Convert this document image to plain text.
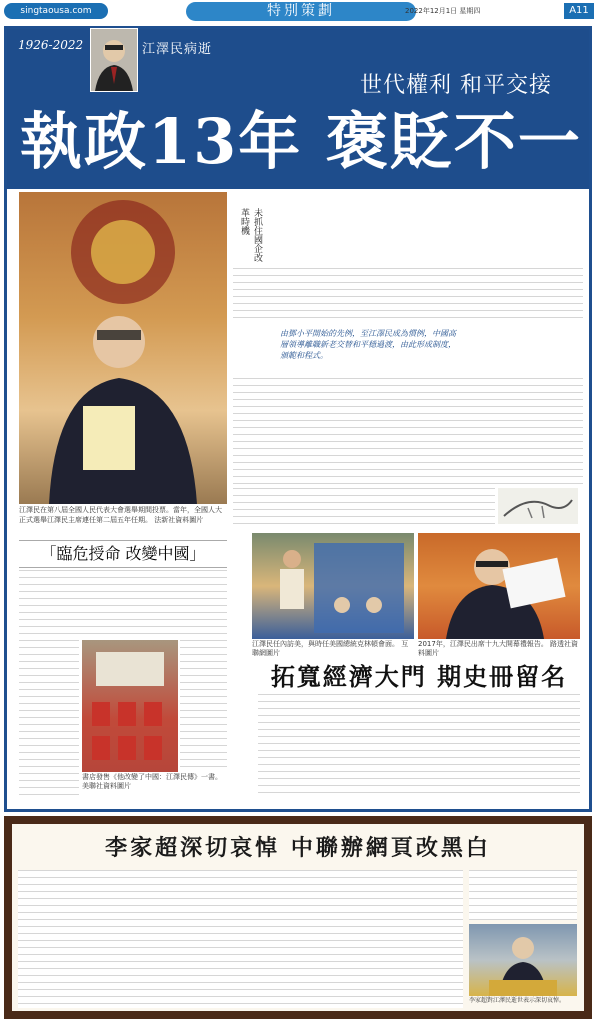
singtaousa.com	特別策劃	2022年12月1日 星期四	A11
1926-2022	江澤民病逝
世代權利 和平交接
執政13年 褒貶不一
江澤民在第八屆全國人民代表大會選舉期間投票。當年，全國人大正式選舉江澤民主席連任第二屆五年任期。 法新社資料圖片
未抓住國企改革時機
由鄧小平開始的先例，至江澤民成為慣例，中國高層領導離職新老交替和平穩過渡，由此形成制度，頒範和程式。
「臨危授命 改變中國」
書店發售《他改變了中國：江澤民傳》一書。 美聯社資料圖片
江澤民任內訪美，與時任美國總統克林頓會面。 互聯網圖片
2017年，江澤民出席十九大開幕禮報告。 路透社資料圖片
拓寬經濟大門 期史冊留名
李家超深切哀悼 中聯辦網頁改黑白
李家超對江澤民逝世表示深切哀悼。
